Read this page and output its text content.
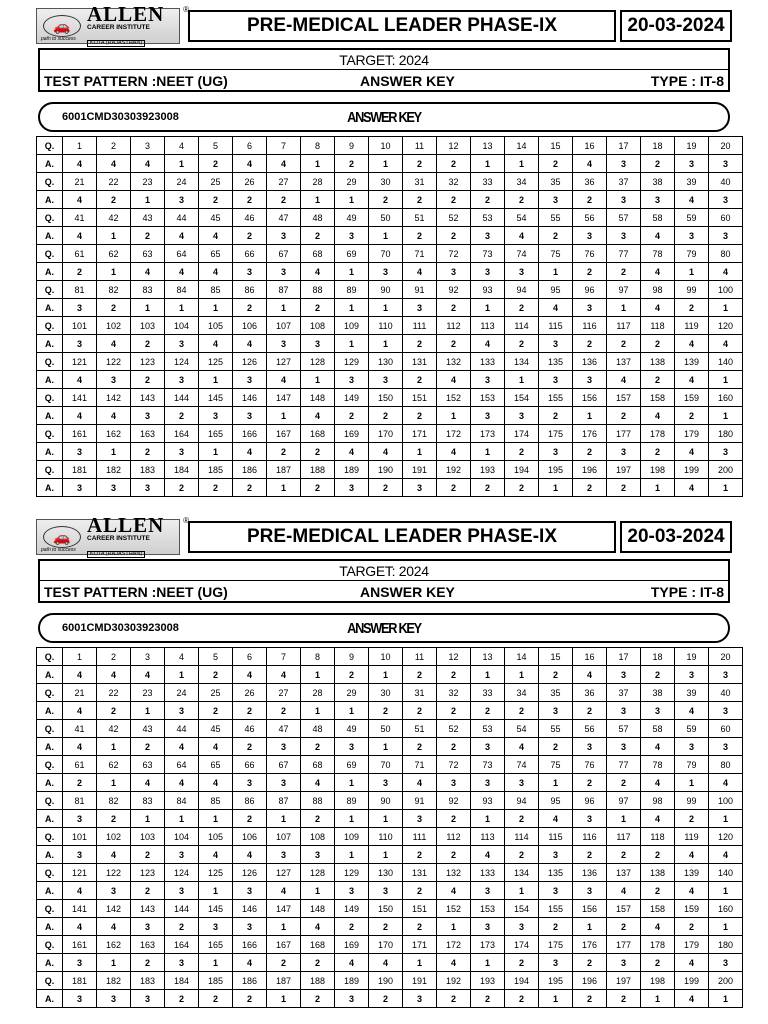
🚗 ALLEN
CAREER INSTITUTE
KOTA (RAJASTHAN)
path to success
®
PRE-MEDICAL LEADER PHASE-IX	20-03-2024
TARGET: 2024
TEST PATTERN :NEET (UG)	ANSWER KEY	TYPE : IT-8
6001CMD30303923008	ANSWER KEY
Q.	1	2	3	4	5	6	7	8	9	10	11	12	13	14	15	16	17	18	19	20
A.	4	4	4	1	2	4	4	1	2	1	2	2	1	1	2	4	3	2	3	3
Q.	21	22	23	24	25	26	27	28	29	30	31	32	33	34	35	36	37	38	39	40
A.	4	2	1	3	2	2	2	1	1	2	2	2	2	2	3	2	3	3	4	3
Q.	41	42	43	44	45	46	47	48	49	50	51	52	53	54	55	56	57	58	59	60
A.	4	1	2	4	4	2	3	2	3	1	2	2	3	4	2	3	3	4	3	3
Q.	61	62	63	64	65	66	67	68	69	70	71	72	73	74	75	76	77	78	79	80
A.	2	1	4	4	4	3	3	4	1	3	4	3	3	3	1	2	2	4	1	4
Q.	81	82	83	84	85	86	87	88	89	90	91	92	93	94	95	96	97	98	99	100
A.	3	2	1	1	1	2	1	2	1	1	3	2	1	2	4	3	1	4	2	1
Q.	101	102	103	104	105	106	107	108	109	110	111	112	113	114	115	116	117	118	119	120
A.	3	4	2	3	4	4	3	3	1	1	2	2	4	2	3	2	2	2	4	4
Q.	121	122	123	124	125	126	127	128	129	130	131	132	133	134	135	136	137	138	139	140
A.	4	3	2	3	1	3	4	1	3	3	2	4	3	1	3	3	4	2	4	1
Q.	141	142	143	144	145	146	147	148	149	150	151	152	153	154	155	156	157	158	159	160
A.	4	4	3	2	3	3	1	4	2	2	2	1	3	3	2	1	2	4	2	1
Q.	161	162	163	164	165	166	167	168	169	170	171	172	173	174	175	176	177	178	179	180
A.	3	1	2	3	1	4	2	2	4	4	1	4	1	2	3	2	3	2	4	3
Q.	181	182	183	184	185	186	187	188	189	190	191	192	193	194	195	196	197	198	199	200
A.	3	3	3	2	2	2	1	2	3	2	3	2	2	2	1	2	2	1	4	1
🚗 ALLEN
CAREER INSTITUTE
KOTA (RAJASTHAN)
path to success
®
PRE-MEDICAL LEADER PHASE-IX	20-03-2024
TARGET: 2024
TEST PATTERN :NEET (UG)	ANSWER KEY	TYPE : IT-8
6001CMD30303923008	ANSWER KEY
Q.	1	2	3	4	5	6	7	8	9	10	11	12	13	14	15	16	17	18	19	20
A.	4	4	4	1	2	4	4	1	2	1	2	2	1	1	2	4	3	2	3	3
Q.	21	22	23	24	25	26	27	28	29	30	31	32	33	34	35	36	37	38	39	40
A.	4	2	1	3	2	2	2	1	1	2	2	2	2	2	3	2	3	3	4	3
Q.	41	42	43	44	45	46	47	48	49	50	51	52	53	54	55	56	57	58	59	60
A.	4	1	2	4	4	2	3	2	3	1	2	2	3	4	2	3	3	4	3	3
Q.	61	62	63	64	65	66	67	68	69	70	71	72	73	74	75	76	77	78	79	80
A.	2	1	4	4	4	3	3	4	1	3	4	3	3	3	1	2	2	4	1	4
Q.	81	82	83	84	85	86	87	88	89	90	91	92	93	94	95	96	97	98	99	100
A.	3	2	1	1	1	2	1	2	1	1	3	2	1	2	4	3	1	4	2	1
Q.	101	102	103	104	105	106	107	108	109	110	111	112	113	114	115	116	117	118	119	120
A.	3	4	2	3	4	4	3	3	1	1	2	2	4	2	3	2	2	2	4	4
Q.	121	122	123	124	125	126	127	128	129	130	131	132	133	134	135	136	137	138	139	140
A.	4	3	2	3	1	3	4	1	3	3	2	4	3	1	3	3	4	2	4	1
Q.	141	142	143	144	145	146	147	148	149	150	151	152	153	154	155	156	157	158	159	160
A.	4	4	3	2	3	3	1	4	2	2	2	1	3	3	2	1	2	4	2	1
Q.	161	162	163	164	165	166	167	168	169	170	171	172	173	174	175	176	177	178	179	180
A.	3	1	2	3	1	4	2	2	4	4	1	4	1	2	3	2	3	2	4	3
Q.	181	182	183	184	185	186	187	188	189	190	191	192	193	194	195	196	197	198	199	200
A.	3	3	3	2	2	2	1	2	3	2	3	2	2	2	1	2	2	1	4	1
